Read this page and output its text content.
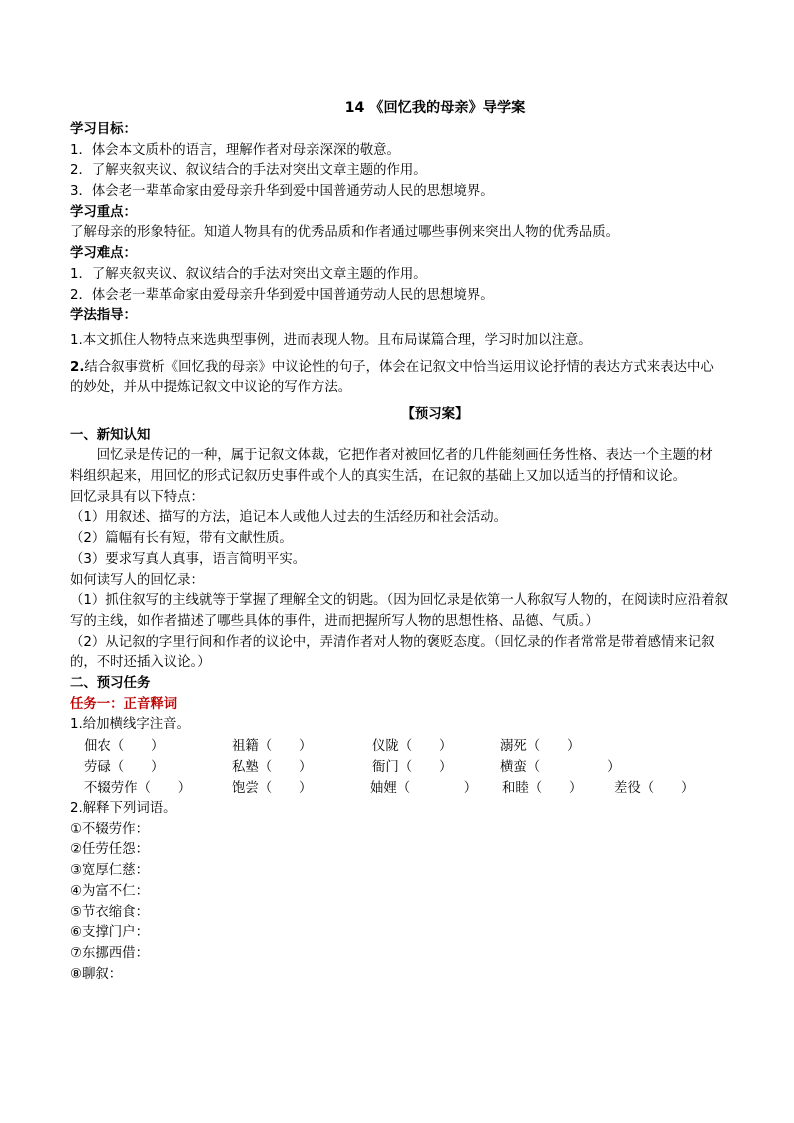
14 《回忆我的母亲》导学案
学习目标：
1．体会本文质朴的语言，理解作者对母亲深深的敬意。
2．了解夹叙夹议、叙议结合的手法对突出文章主题的作用。
3．体会老一辈革命家由爱母亲升华到爱中国普通劳动人民的思想境界。
学习重点：
了解母亲的形象特征。知道人物具有的优秀品质和作者通过哪些事例来突出人物的优秀品质。
学习难点：
1．了解夹叙夹议、叙议结合的手法对突出文章主题的作用。
2．体会老一辈革命家由爱母亲升华到爱中国普通劳动人民的思想境界。
学法指导：
1.本文抓住人物特点来选典型事例，进而表现人物。且布局谋篇合理，学习时加以注意。
2.结合叙事赏析《回忆我的母亲》中议论性的句子，体会在记叙文中恰当运用议论抒情的表达方式来表达中心的妙处，并从中提炼记叙文中议论的写作方法。
【预习案】
一、新知认知
回忆录是传记的一种，属于记叙文体裁，它把作者对被回忆者的几件能刻画任务性格、表达一个主题的材料组织起来，用回忆的形式记叙历史事件或个人的真实生活，在记叙的基础上又加以适当的抒情和议论。
回忆录具有以下特点：
（1）用叙述、描写的方法，追记本人或他人过去的生活经历和社会活动。
（2）篇幅有长有短，带有文献性质。
（3）要求写真人真事，语言简明平实。
如何读写人的回忆录：
（1）抓住叙写的主线就等于掌握了理解全文的钥匙。（因为回忆录是依第一人称叙写人物的，在阅读时应沿着叙写的主线，如作者描述了哪些具体的事件，进而把握所写人物的思想性格、品德、气质。）
（2）从记叙的字里行间和作者的议论中，弄清作者对人物的褒贬态度。（回忆录的作者常常是带着感情来记叙的，不时还插入议论。）
二、预习任务
任务一：正音释词
1.给加横线字注音。
佃农（　　）	祖籍（　　）	仪陇（　　）	溺死（　　）
劳碌（　　）	私塾（　　）	衙门（　　）	横蛮（　　　　　）
不辍劳作（　　）	饱尝（　　）	妯娌（　　　　） 和睦（　　） 差役（　　）
2.解释下列词语。
①不辍劳作：
②任劳任怨：
③宽厚仁慈：
④为富不仁：
⑤节衣缩食：
⑥支撑门户：
⑦东挪西借：
⑧聊叙：
